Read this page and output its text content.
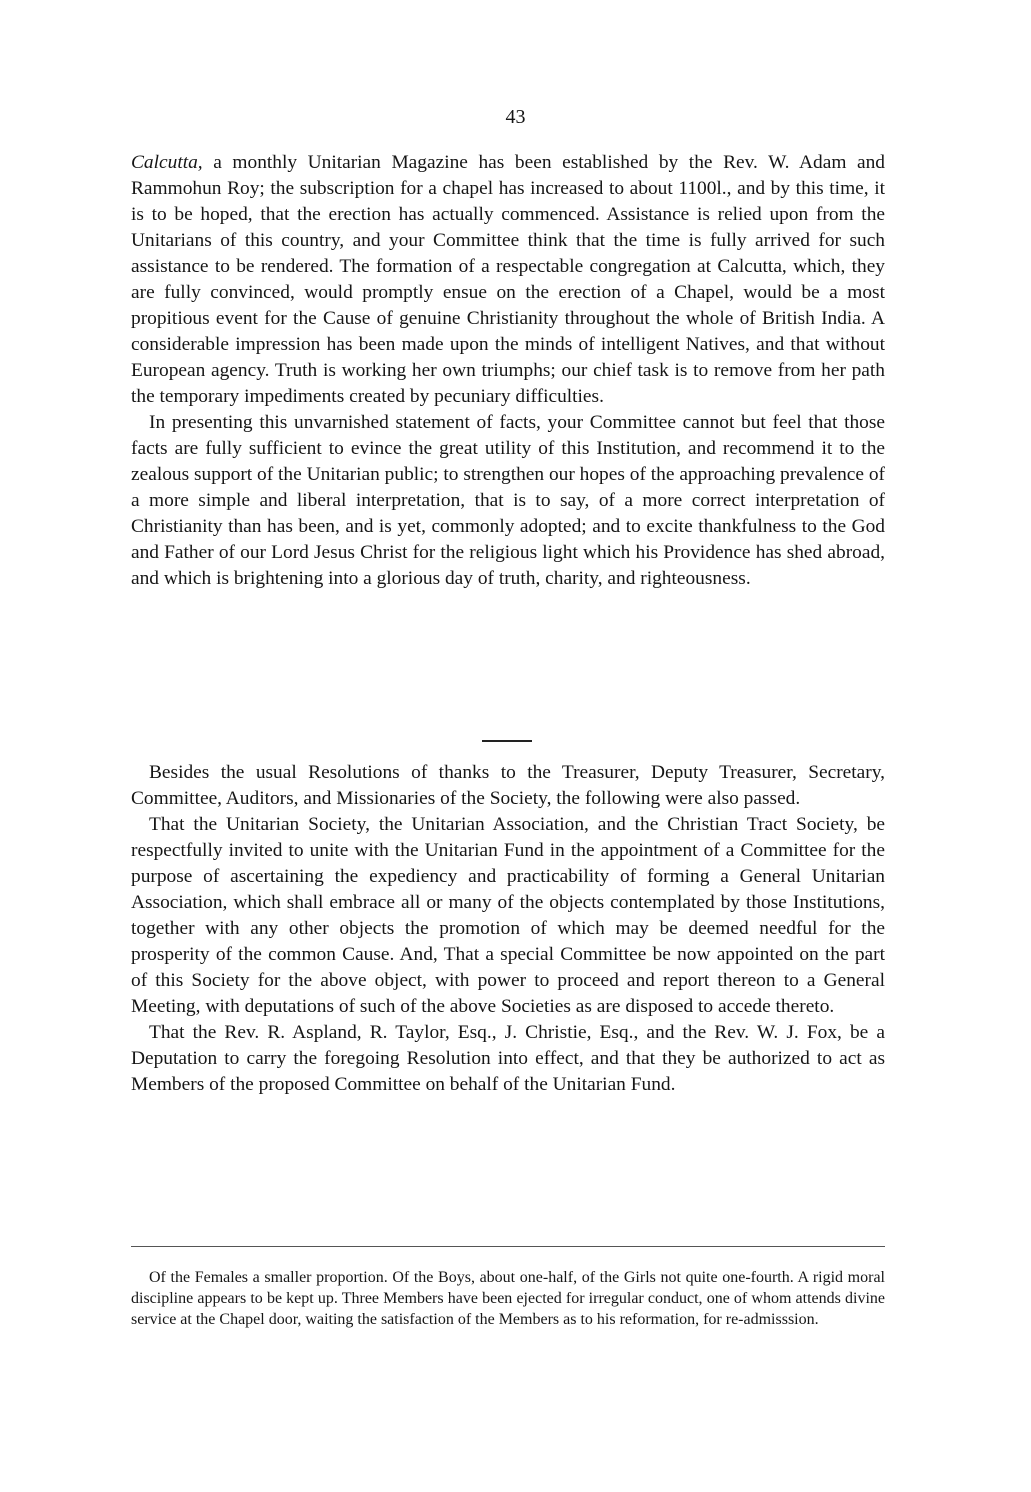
43

Calcutta, a monthly Unitarian Magazine has been established by the Rev. W. Adam and Rammohun Roy; the subscription for a chapel has increased to about 1100l., and by this time, it is to be hoped, that the erection has actually commenced. Assistance is relied upon from the Unitarians of this country, and your Committee think that the time is fully arrived for such assistance to be rendered. The formation of a respectable congregation at Calcutta, which, they are fully convinced, would promptly ensue on the erection of a Chapel, would be a most propitious event for the Cause of genuine Christianity throughout the whole of British India. A considerable impression has been made upon the minds of intelligent Natives, and that without European agency. Truth is working her own triumphs; our chief task is to remove from her path the temporary impediments created by pecuniary difficulties.

In presenting this unvarnished statement of facts, your Committee cannot but feel that those facts are fully sufficient to evince the great utility of this Institution, and recommend it to the zealous support of the Unitarian public; to strengthen our hopes of the approaching prevalence of a more simple and liberal interpretation, that is to say, of a more correct interpretation of Christianity than has been, and is yet, commonly adopted; and to excite thankfulness to the God and Father of our Lord Jesus Christ for the religious light which his Providence has shed abroad, and which is brightening into a glorious day of truth, charity, and righteousness.

Besides the usual Resolutions of thanks to the Treasurer, Deputy Treasurer, Secretary, Committee, Auditors, and Missionaries of the Society, the following were also passed.

That the Unitarian Society, the Unitarian Association, and the Christian Tract Society, be respectfully invited to unite with the Unitarian Fund in the appointment of a Committee for the purpose of ascertaining the expediency and practicability of forming a General Unitarian Association, which shall embrace all or many of the objects contemplated by those Institutions, together with any other objects the promotion of which may be deemed needful for the prosperity of the common Cause. And, That a special Committee be now appointed on the part of this Society for the above object, with power to proceed and report thereon to a General Meeting, with deputations of such of the above Societies as are disposed to accede thereto.

That the Rev. R. Aspland, R. Taylor, Esq., J. Christie, Esq., and the Rev. W. J. Fox, be a Deputation to carry the foregoing Resolution into effect, and that they be authorized to act as Members of the proposed Committee on behalf of the Unitarian Fund.

Of the Females a smaller proportion. Of the Boys, about one-half, of the Girls not quite one-fourth. A rigid moral discipline appears to be kept up. Three Members have been ejected for irregular conduct, one of whom attends divine service at the Chapel door, waiting the satisfaction of the Members as to his reformation, for re-admisssion.
